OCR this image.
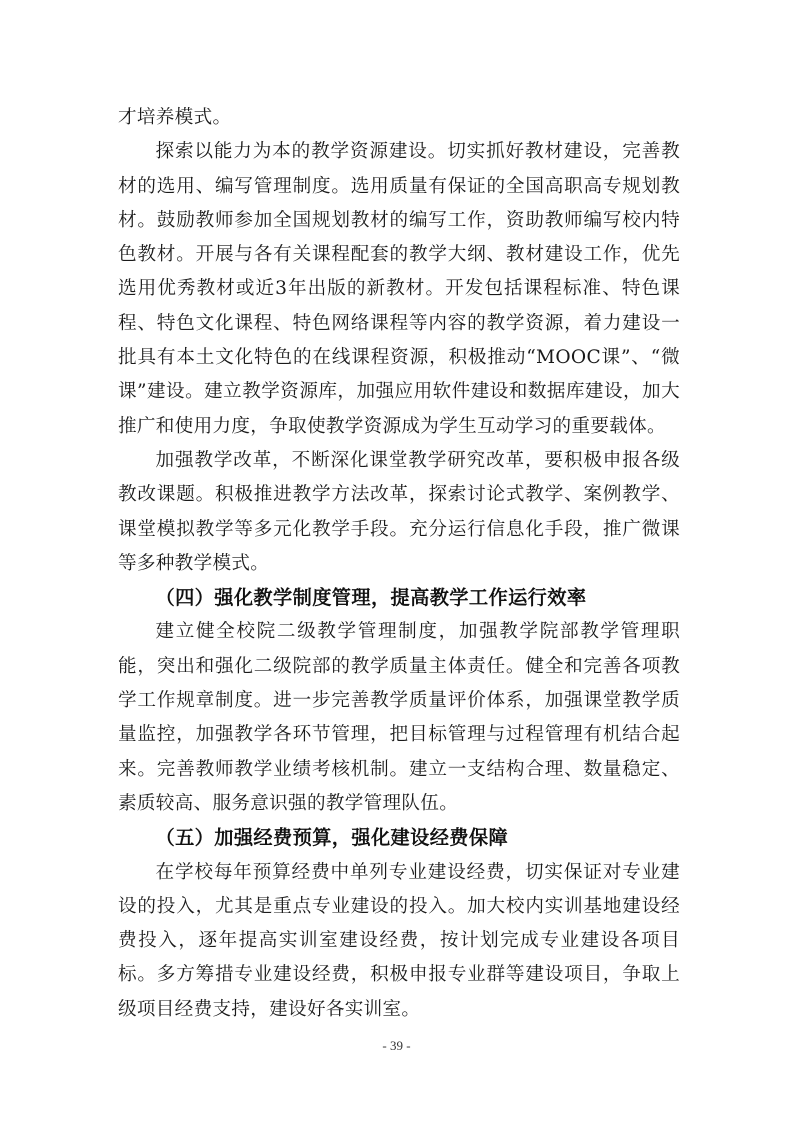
才培养模式。

探索以能力为本的教学资源建设。切实抓好教材建设，完善教材的选用、编写管理制度。选用质量有保证的全国高职高专规划教材。鼓励教师参加全国规划教材的编写工作，资助教师编写校内特色教材。开展与各有关课程配套的教学大纲、教材建设工作，优先选用优秀教材或近3年出版的新教材。开发包括课程标准、特色课程、特色文化课程、特色网络课程等内容的教学资源，着力建设一批具有本土文化特色的在线课程资源，积极推动“MOOC课”、“微课”建设。建立教学资源库，加强应用软件建设和数据库建设，加大推广和使用力度，争取使教学资源成为学生互动学习的重要载体。

加强教学改革，不断深化课堂教学研究改革，要积极申报各级教改课题。积极推进教学方法改革，探索讨论式教学、案例教学、课堂模拟教学等多元化教学手段。充分运行信息化手段，推广微课等多种教学模式。

（四）强化教学制度管理，提高教学工作运行效率

建立健全校院二级教学管理制度，加强教学院部教学管理职能，突出和强化二级院部的教学质量主体责任。健全和完善各项教学工作规章制度。进一步完善教学质量评价体系，加强课堂教学质量监控，加强教学各环节管理，把目标管理与过程管理有机结合起来。完善教师教学业绩考核机制。建立一支结构合理、数量稳定、素质较高、服务意识强的教学管理队伍。

（五）加强经费预算，强化建设经费保障

在学校每年预算经费中单列专业建设经费，切实保证对专业建设的投入，尤其是重点专业建设的投入。加大校内实训基地建设经费投入，逐年提高实训室建设经费，按计划完成专业建设各项目标。多方筹措专业建设经费，积极申报专业群等建设项目，争取上级项目经费支持，建设好各实训室。

- 39 -
